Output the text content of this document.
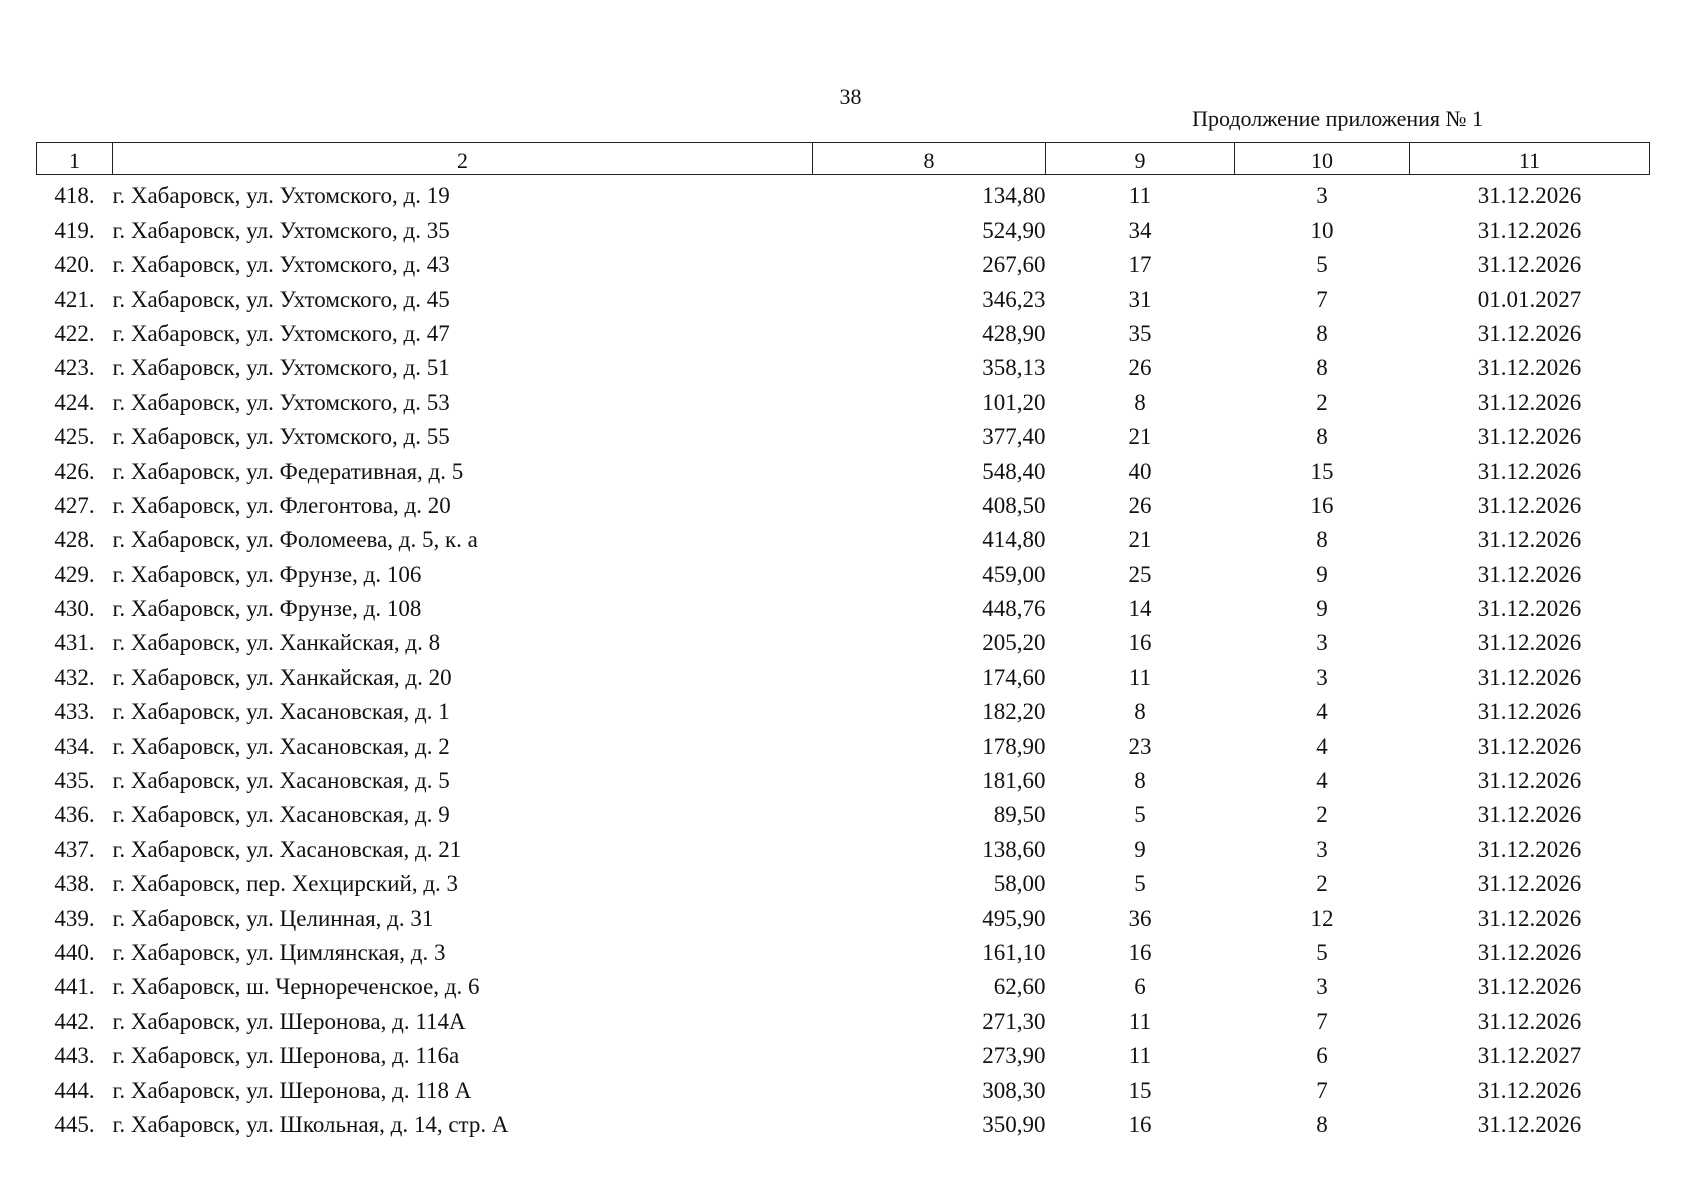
38
Продолжение приложения № 1
1	2	8	9	10	11
418.	г. Хабаровск, ул. Ухтомского, д. 19	134,80	11	3	31.12.2026
419.	г. Хабаровск, ул. Ухтомского, д. 35	524,90	34	10	31.12.2026
420.	г. Хабаровск, ул. Ухтомского, д. 43	267,60	17	5	31.12.2026
421.	г. Хабаровск, ул. Ухтомского, д. 45	346,23	31	7	01.01.2027
422.	г. Хабаровск, ул. Ухтомского, д. 47	428,90	35	8	31.12.2026
423.	г. Хабаровск, ул. Ухтомского, д. 51	358,13	26	8	31.12.2026
424.	г. Хабаровск, ул. Ухтомского, д. 53	101,20	8	2	31.12.2026
425.	г. Хабаровск, ул. Ухтомского, д. 55	377,40	21	8	31.12.2026
426.	г. Хабаровск, ул. Федеративная, д. 5	548,40	40	15	31.12.2026
427.	г. Хабаровск, ул. Флегонтова, д. 20	408,50	26	16	31.12.2026
428.	г. Хабаровск, ул. Фоломеева, д. 5, к. а	414,80	21	8	31.12.2026
429.	г. Хабаровск, ул. Фрунзе, д. 106	459,00	25	9	31.12.2026
430.	г. Хабаровск, ул. Фрунзе, д. 108	448,76	14	9	31.12.2026
431.	г. Хабаровск, ул. Ханкайская, д. 8	205,20	16	3	31.12.2026
432.	г. Хабаровск, ул. Ханкайская, д. 20	174,60	11	3	31.12.2026
433.	г. Хабаровск, ул. Хасановская, д. 1	182,20	8	4	31.12.2026
434.	г. Хабаровск, ул. Хасановская, д. 2	178,90	23	4	31.12.2026
435.	г. Хабаровск, ул. Хасановская, д. 5	181,60	8	4	31.12.2026
436.	г. Хабаровск, ул. Хасановская, д. 9	89,50	5	2	31.12.2026
437.	г. Хабаровск, ул. Хасановская, д. 21	138,60	9	3	31.12.2026
438.	г. Хабаровск, пер. Хехцирский, д. 3	58,00	5	2	31.12.2026
439.	г. Хабаровск, ул. Целинная, д. 31	495,90	36	12	31.12.2026
440.	г. Хабаровск, ул. Цимлянская, д. 3	161,10	16	5	31.12.2026
441.	г. Хабаровск, ш. Чернореченское, д. 6	62,60	6	3	31.12.2026
442.	г. Хабаровск, ул. Шеронова, д. 114А	271,30	11	7	31.12.2026
443.	г. Хабаровск, ул. Шеронова, д. 116а	273,90	11	6	31.12.2027
444.	г. Хабаровск, ул. Шеронова, д. 118 А	308,30	15	7	31.12.2026
445.	г. Хабаровск, ул. Школьная, д. 14, стр. А	350,90	16	8	31.12.2026
